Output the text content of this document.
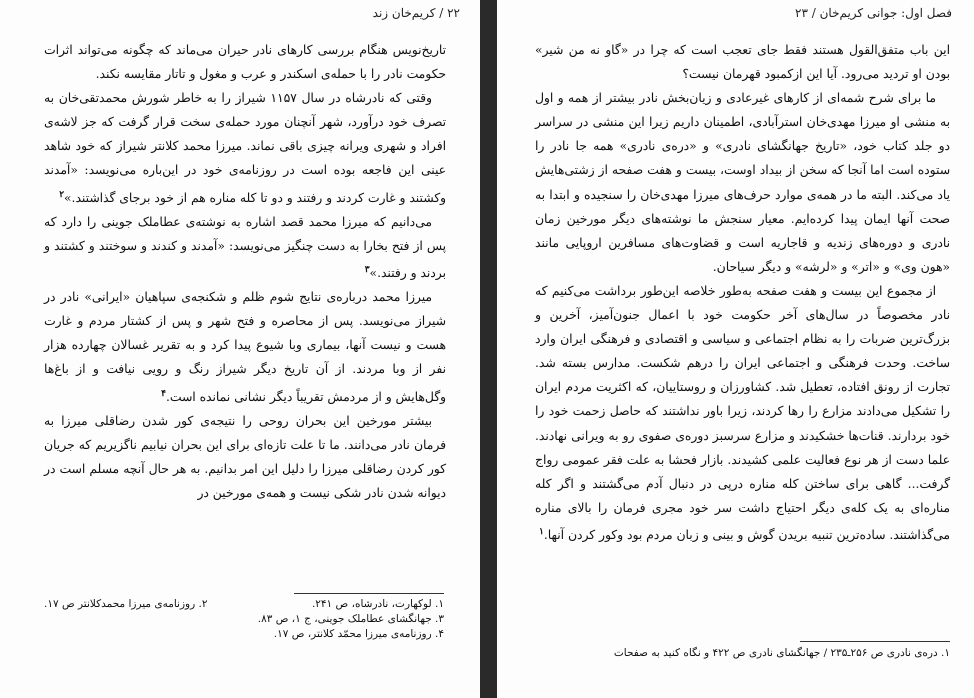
۲۲ / کریم‌خان زند

تاریخ‌نویس هنگام بررسی کارهای نادر حیران می‌ماند که چگونه می‌تواند اثرات حکومت نادر را با حمله‌ی اسکندر و عرب و مغول و تاتار مقایسه نکند.

وقتی که نادرشاه در سال ۱۱۵۷ شیراز را به خاطر شورش محمدتقی‌خان به تصرف خود درآورد، شهر آنچنان مورد حمله‌ی سخت قرار گرفت که جز لاشه‌ی افراد و شهری ویرانه چیزی باقی نماند. میرزا محمد کلانتر شیراز که خود شاهد عینی این فاجعه بوده است در روزنامه‌ی خود در این‌باره می‌نویسد: «آمدند وکشتند و غارت کردند و رفتند و دو تا کله مناره هم از خود برجای گذاشتند.»$^۲$

می‌دانیم که میرزا محمد قصد اشاره به نوشته‌ی عطاملک جوینی را دارد که پس از فتح بخارا به دست چنگیز می‌نویسد: «آمدند و کندند و سوختند و کشتند و بردند و رفتند.»$^۳$

میرزا محمد درباره‌ی نتایج شوم ظلم و شکنجه‌ی سپاهیان «ایرانی» نادر در شیراز می‌نویسد. پس از محاصره و فتح شهر و پس از کشتار مردم و غارت هست و نیست آنها، بیماری وبا شیوع پیدا کرد و به تقریر غسالان چهارده هزار نفر از وبا مردند. از آن تاریخ دیگر شیراز رنگ و رویی نیافت و از باغ‌ها وگل‌هایش و از مردمش تقریباً دیگر نشانی نمانده است.$^۴$

بیشتر مورخین این بحران روحی را نتیجه‌ی کور شدن رضاقلی میرزا به فرمان نادر می‌دانند. ما تا علت تازه‌ای برای این بحران نیابیم ناگزیریم که جریان کور کردن رضاقلی میرزا را دلیل این امر بدانیم. به هر حال آنچه مسلم است در دیوانه شدن نادر شکی نیست و همه‌ی مورخین در

۱. لوکهارت، نادرشاه، ص ۲۴۱.
۲. روزنامه‌ی میرزا محمدکلانتر ص ۱۷.
۳. جهانگشای عطاملک جوینی، ج ۱، ص ۸۳.
۴. روزنامه‌ی میرزا محمّد کلانتر، ص ۱۷.
فصل اول: جوانی کریم‌خان / ۲۳

این باب متفق‌القول هستند فقط جای تعجب است که چرا در «گاو نه من شیر» بودن او تردید می‌رود. آیا این ازکمبود قهرمان نیست؟

ما برای شرح شمه‌ای از کارهای غیرعادی و زیان‌بخش نادر بیشتر از همه و اول به منشی او میرزا مهدی‌خان استرآبادی، اطمینان داریم زیرا این منشی در سراسر دو جلد کتاب خود، «تاریخ جهانگشای نادری» و «دره‌ی نادری» همه جا نادر را ستوده است اما آنجا که سخن از بیداد اوست، بیست و هفت صفحه از زشتی‌هایش یاد می‌کند. البته ما در همه‌ی موارد حرف‌های میرزا مهدی‌خان را سنجیده و ابتدا به صحت آنها ایمان پیدا کرده‌ایم. معیار سنجش ما نوشته‌های دیگر مورخین زمان نادری و دوره‌های زندیه و قاجاریه است و قضاوت‌های مسافرین اروپایی مانند «هون وی» و «اتر» و «لرشه» و دیگر سیاحان.

از مجموع این بیست و هفت صفحه به‌طور خلاصه این‌طور برداشت می‌کنیم که نادر مخصوصاً در سال‌های آخر حکومت خود با اعمال جنون‌آمیز، آخرین و بزرگ‌ترین ضربات را به نظام اجتماعی و سیاسی و اقتصادی و فرهنگی ایران وارد ساخت. وحدت فرهنگی و اجتماعی ایران را درهم شکست. مدارس بسته شد. تجارت از رونق افتاده، تعطیل شد. کشاورزان و روستاییان، که اکثریت مردم ایران را تشکیل می‌دادند مزارع را رها کردند، زیرا باور نداشتند که حاصل زحمت خود را خود بردارند. قنات‌ها خشکیدند و مزارع سرسبز دوره‌ی صفوی رو به ویرانی نهادند. علما دست از هر نوع فعالیت علمی کشیدند. بازار فحشا به علت فقر عمومی رواج گرفت... گاهی برای ساختن کله مناره درپی در دنبال آدم می‌گشتند و اگر کله مناره‌ای به یک کله‌ی دیگر احتیاج داشت سر خود مجری فرمان را بالای مناره می‌گذاشتند. ساده‌ترین تنبیه بریدن گوش و بینی و زبان مردم بود وکور کردن آنها.$^۱$

۱. دره‌ی نادری ص ۲۵۶ـ۲۳۵ / جهانگشای نادری ص ۴۲۲ و نگاه کنید به صفحات
